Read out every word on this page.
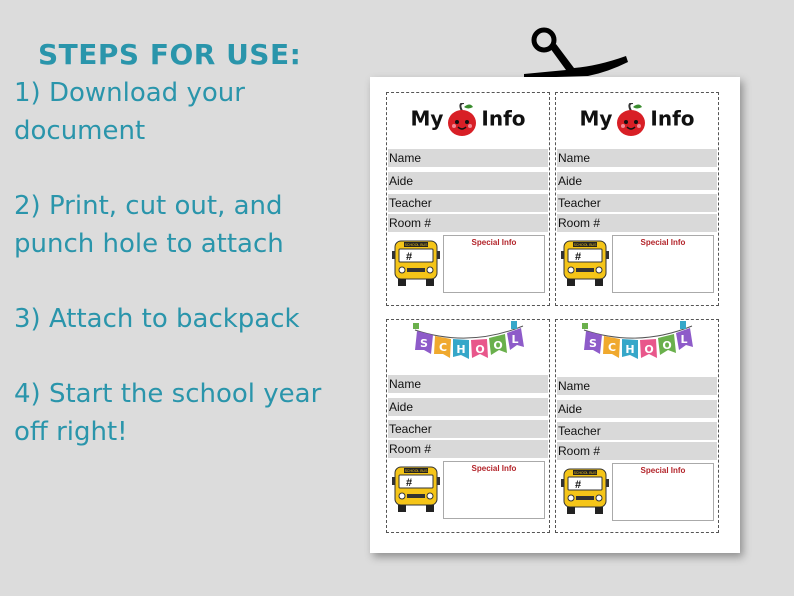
STEPS FOR USE:

1) Download your
document

2) Print, cut out, and
punch hole to attach

3) Attach to backpack

4) Start the school year
off right!

My Info
Name
Aide
Teacher
Room #
SCHOOL BUS
#
Special Info
My Info
Name
Aide
Teacher
Room #
SCHOOL BUS
#
Special Info
S C H O O L
Name
Aide
Teacher
Room #
SCHOOL BUS
#
Special Info
S C H O O L
Name
Aide
Teacher
Room #
SCHOOL BUS
#
Special Info
